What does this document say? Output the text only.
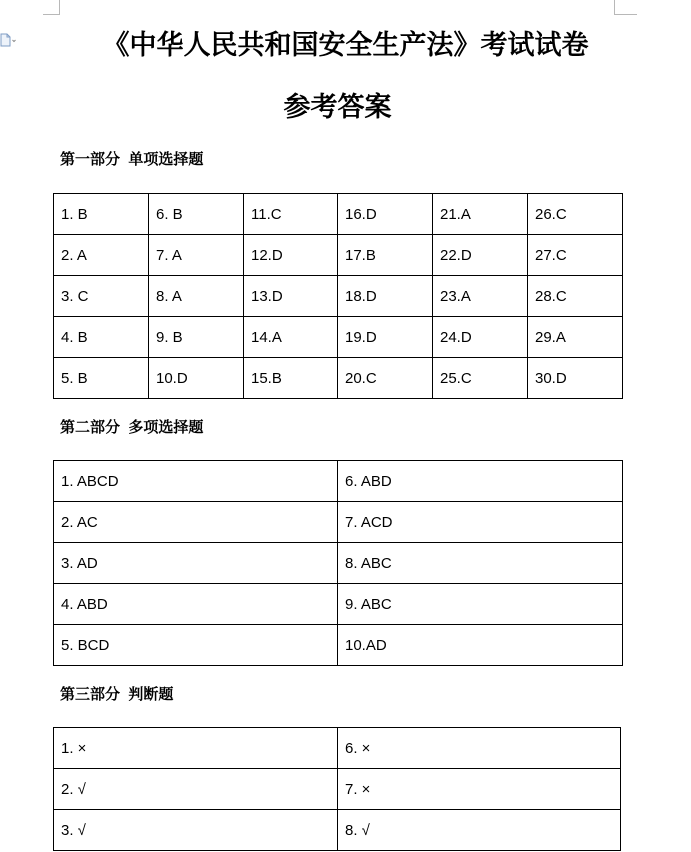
《中华人民共和国安全生产法》考试试卷
参考答案

第一部分  单项选择题

1. B	6. B	11.C	16.D	21.A	26.C
2. A	7. A	12.D	17.B	22.D	27.C
3. C	8. A	13.D	18.D	23.A	28.C
4. B	9. B	14.A	19.D	24.D	29.A
5. B	10.D	15.B	20.C	25.C	30.D

第二部分  多项选择题

1. ABCD	6. ABD
2. AC	7. ACD
3. AD	8. ABC
4. ABD	9. ABC
5. BCD	10.AD

第三部分  判断题

1. ×	6. ×
2. √	7. ×
3. √	8. √
